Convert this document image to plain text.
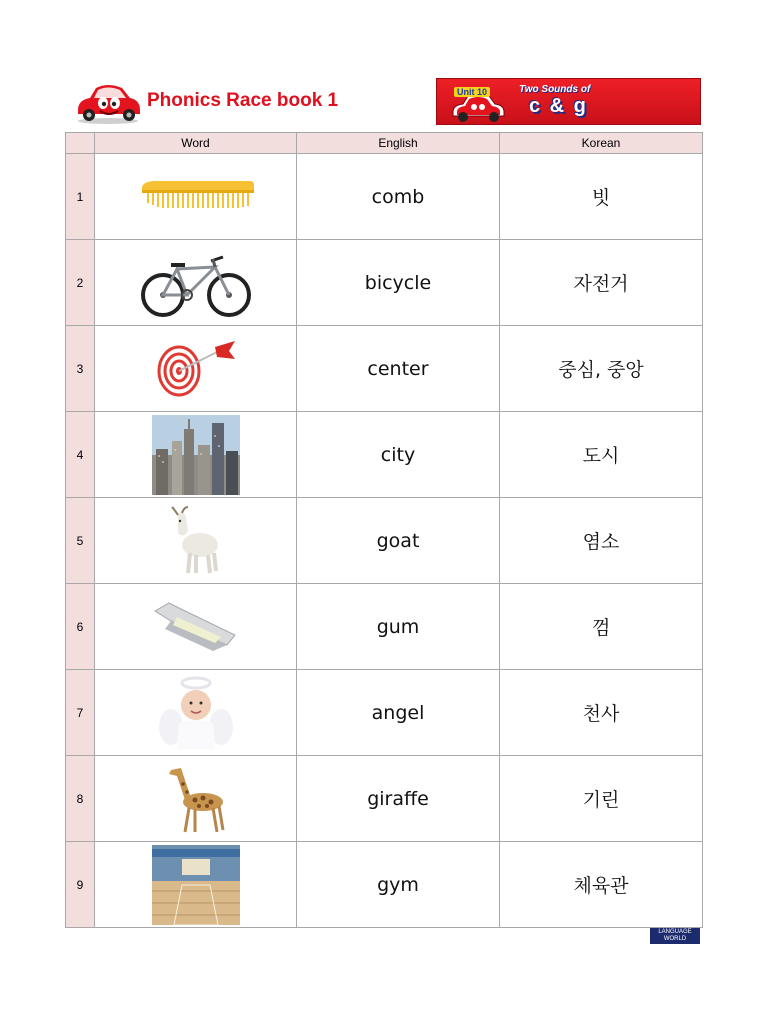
Phonics Race book 1	Unit 10	Two Sounds of
c & g
	Word	English	Korean
1		comb	빗
2		bicycle	자전거
3		center	중심, 중앙
4		city	도시
5		goat	염소
6		gum	껌
7		angel	천사
8		giraffe	기린
9		gym	체육관
LANGUAGE
WORLD
